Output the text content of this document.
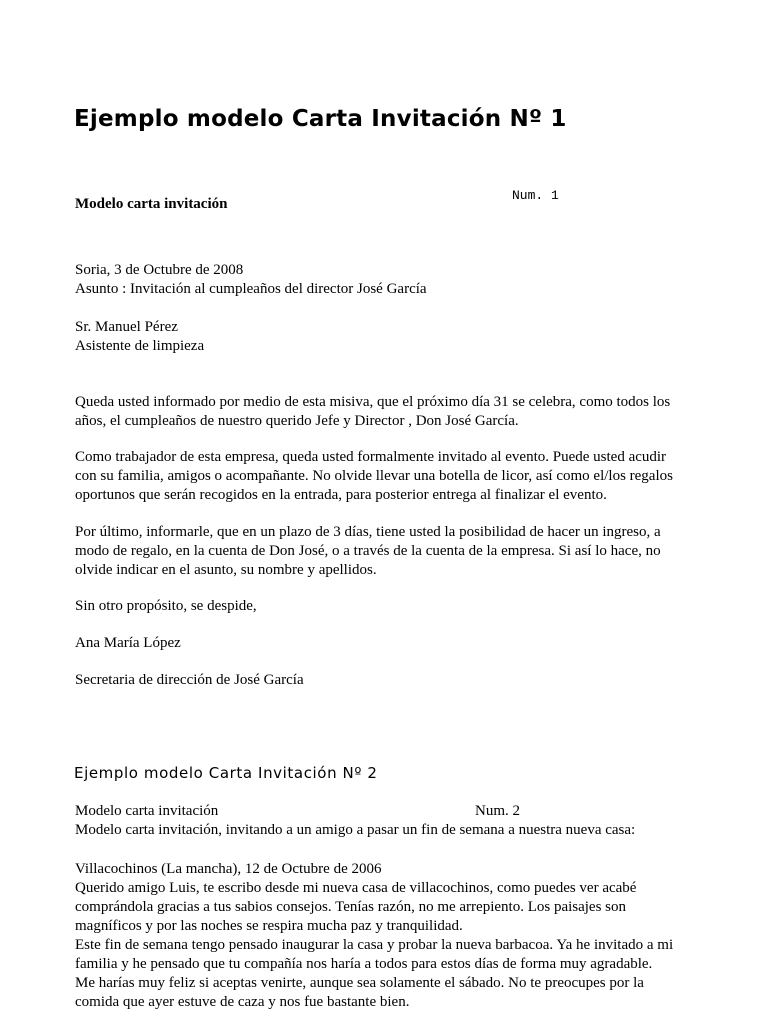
Ejemplo modelo Carta Invitación Nº 1
Modelo carta invitación
Num. 1

Soria, 3 de Octubre de 2008

Asunto : Invitación al cumpleaños del director José García

Sr. Manuel Pérez

Asistente de limpieza

Queda usted informado por medio de esta misiva, que el próximo día 31 se celebra, como todos los

años, el cumpleaños de nuestro querido Jefe y Director , Don José García.

Como trabajador de esta empresa, queda usted formalmente invitado al evento. Puede usted acudir

con su familia, amigos o acompañante. No olvide llevar una botella de licor, así como el/los regalos

oportunos que serán recogidos en la entrada, para posterior entrega al finalizar el evento.

Por último, informarle, que en un plazo de 3 días, tiene usted la posibilidad de hacer un ingreso, a

modo de regalo, en la cuenta de Don José, o a través de la cuenta de la empresa. Si así lo hace, no

olvide indicar en el asunto, su nombre y apellidos.

Sin otro propósito, se despide,
Ana María López
Secretaria de dirección de José García
Ejemplo modelo Carta Invitación Nº 2
Modelo carta invitación	Num. 2
Modelo carta invitación, invitando a un amigo a pasar un fin de semana a nuestra nueva casa:

Villacochinos (La mancha), 12 de Octubre de 2006

Querido amigo Luis, te escribo desde mi nueva casa de villacochinos, como puedes ver acabé

comprándola gracias a tus sabios consejos. Tenías razón, no me arrepiento. Los paisajes son

magníficos y por las noches se respira mucha paz y tranquilidad.

Este fin de semana tengo pensado inaugurar la casa y probar la nueva barbacoa. Ya he invitado a mi

familia y he pensado que tu compañía nos haría a todos para estos días de forma muy agradable.

Me harías muy feliz si aceptas venirte, aunque sea solamente el sábado. No te preocupes por la

comida que ayer estuve de caza y nos fue bastante bien.
